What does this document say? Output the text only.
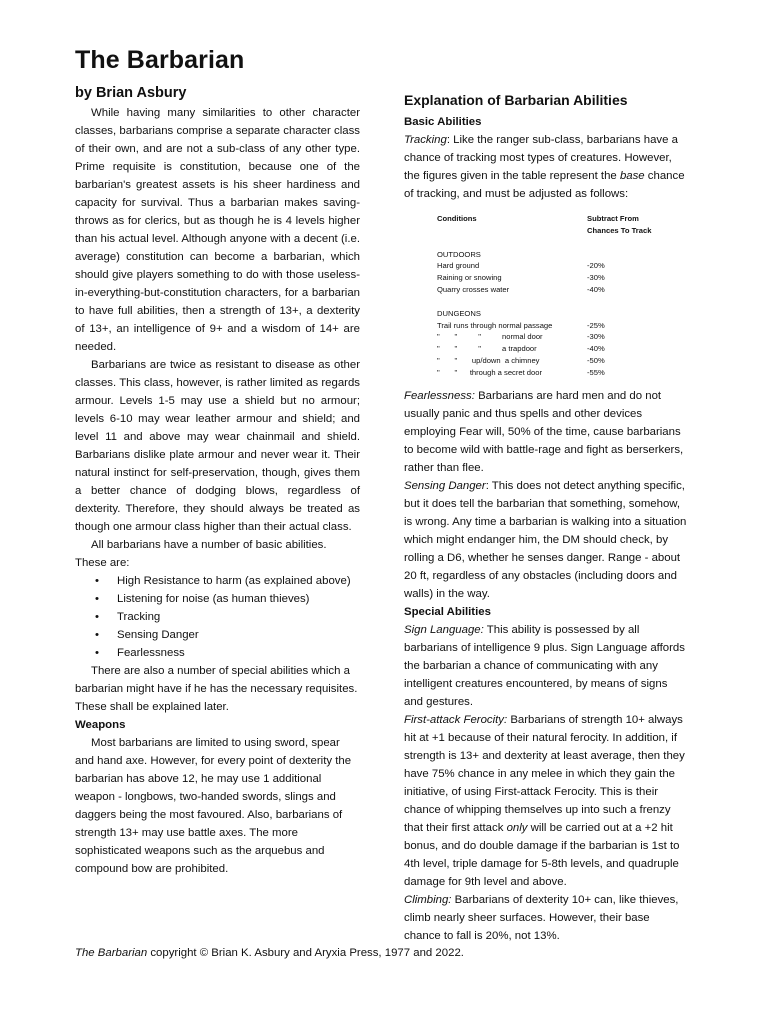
The Barbarian

by Brian Asbury

While having many similarities to other character classes, barbarians comprise a separate character class of their own, and are not a sub-class of any other type. Prime requisite is constitution, because one of the barbarian's greatest assets is his sheer hardiness and capacity for survival. Thus a barbarian makes saving-throws as for clerics, but as though he is 4 levels higher than his actual level. Although anyone with a decent (i.e. average) constitution can become a barbarian, which should give players something to do with those useless-in-everything-but-constitution characters, for a barbarian to have full abilities, then a strength of 13+, a dexterity of 13+, an intelligence of 9+ and a wisdom of 14+ are needed.

Barbarians are twice as resistant to disease as other classes. This class, however, is rather limited as regards armour. Levels 1-5 may use a shield but no armour; levels 6-10 may wear leather armour and shield; and level 11 and above may wear chainmail and shield. Barbarians dislike plate armour and never wear it. Their natural instinct for self-preservation, though, gives them a better chance of dodging blows, regardless of dexterity. Therefore, they should always be treated as though one armour class higher than their actual class.

All barbarians have a number of basic abilities. These are:

• High Resistance to harm (as explained above)
• Listening for noise (as human thieves)
• Tracking
• Sensing Danger
• Fearlessness

There are also a number of special abilities which a barbarian might have if he has the necessary requisites. These shall be explained later.

Weapons

Most barbarians are limited to using sword, spear and hand axe. However, for every point of dexterity the barbarian has above 12, he may use 1 additional weapon - longbows, two-handed swords, slings and daggers being the most favoured. Also, barbarians of strength 13+ may use battle axes. The more sophisticated weapons such as the arquebus and compound bow are prohibited.

Explanation of Barbarian Abilities
Basic Abilities

Tracking: Like the ranger sub-class, barbarians have a chance of tracking most types of creatures. However, the figures given in the table represent the base chance of tracking, and must be adjusted as follows:

Conditions	Subtract From
Chances To Track

OUTDOORS	
Hard ground	-20%
Raining or snowing	-30%
Quarry crosses water	-40%

DUNGEONS	
Trail runs through normal passage	-25%
"       "          "          normal door	-30%
"       "          "          a trapdoor	-40%
"       "       up/down  a chimney	-50%
"       "      through a secret door	-55%

Fearlessness: Barbarians are hard men and do not usually panic and thus spells and other devices employing Fear will, 50% of the time, cause barbarians to become wild with battle-rage and fight as berserkers, rather than flee.

Sensing Danger: This does not detect anything specific, but it does tell the barbarian that something, somehow, is wrong. Any time a barbarian is walking into a situation which might endanger him, the DM should check, by rolling a D6, whether he senses danger. Range - about 20 ft, regardless of any obstacles (including doors and walls) in the way.

Special Abilities

Sign Language: This ability is possessed by all barbarians of intelligence 9 plus. Sign Language affords the barbarian a chance of communicating with any intelligent creatures encountered, by means of signs and gestures.

First-attack Ferocity: Barbarians of strength 10+ always hit at +1 because of their natural ferocity. In addition, if strength is 13+ and dexterity at least average, then they have 75% chance in any melee in which they gain the initiative, of using First-attack Ferocity. This is their chance of whipping themselves up into such a frenzy that their first attack only will be carried out at a +2 hit bonus, and do double damage if the barbarian is 1st to 4th level, triple damage for 5-8th levels, and quadruple damage for 9th level and above.

Climbing: Barbarians of dexterity 10+ can, like thieves, climb nearly sheer surfaces. However, their base chance to fall is 20%, not 13%.

The Barbarian copyright © Brian K. Asbury and Aryxia Press, 1977 and 2022.
